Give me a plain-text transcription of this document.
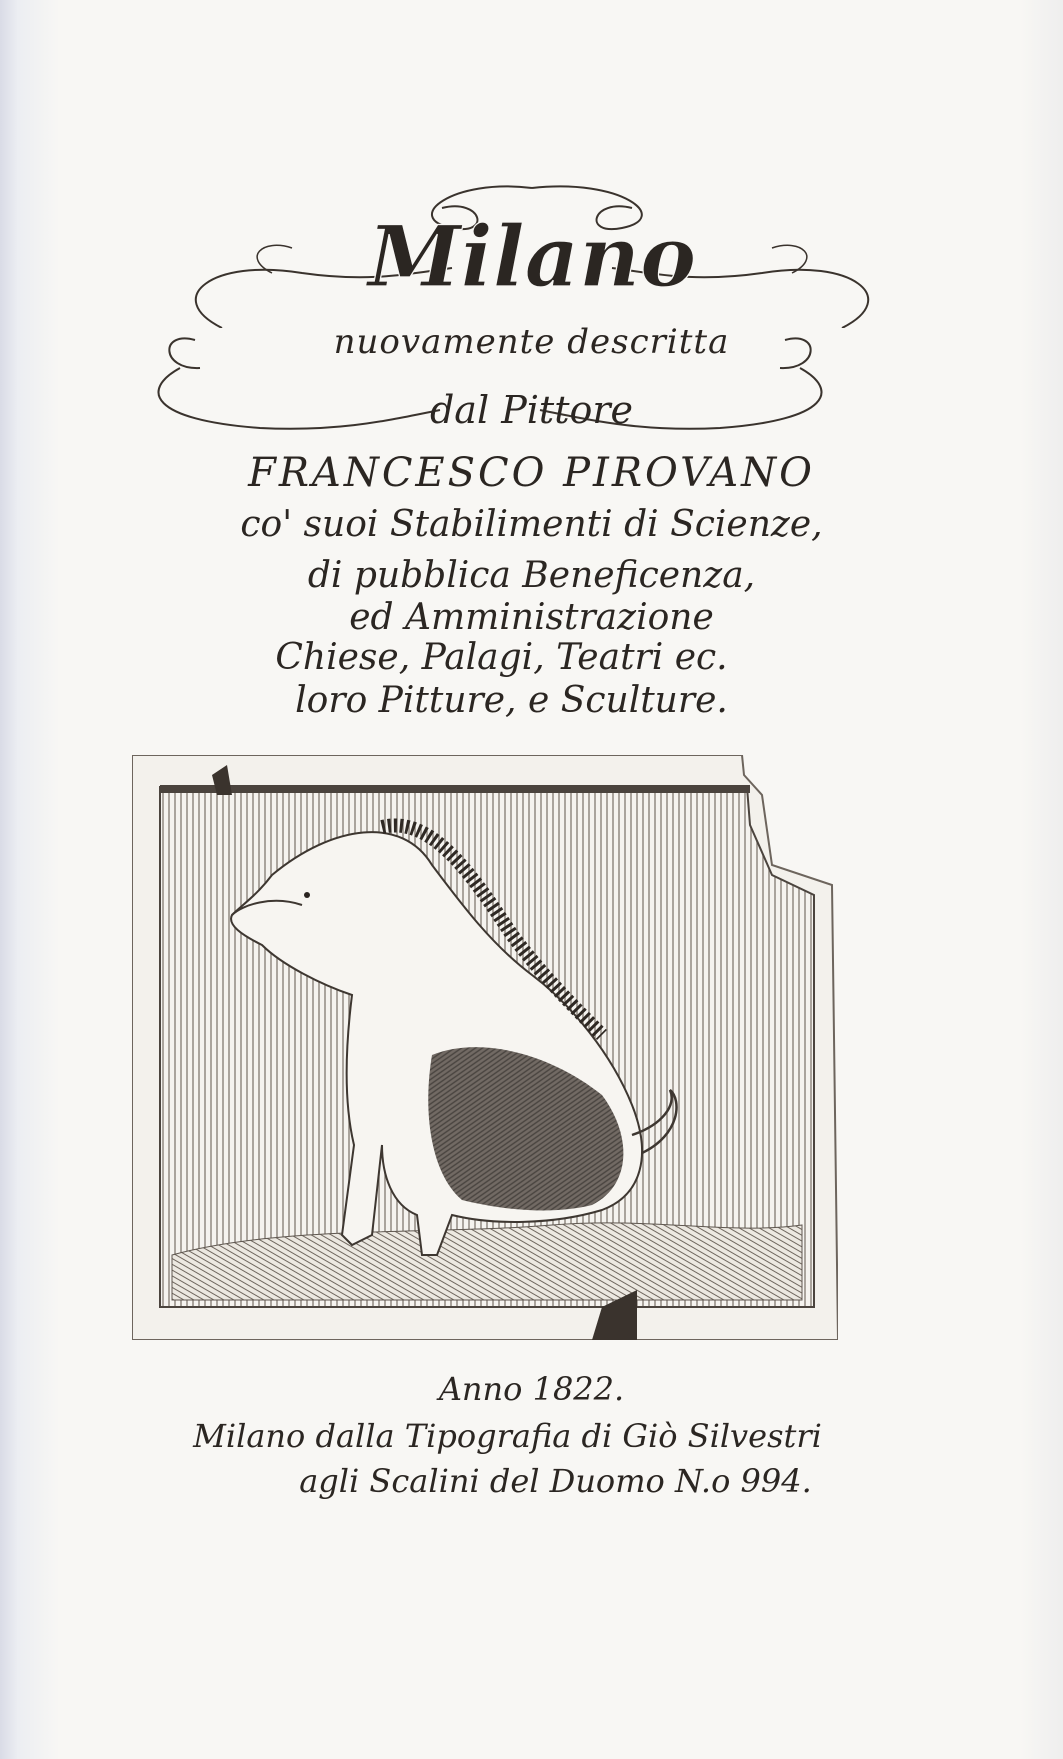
Milano
nuovamente descritta
dal Pittore
FRANCESCO PIROVANO
co' suoi Stabilimenti di Scienze,
di pubblica Beneficenza,
ed Amministrazione
Chiese, Palagi, Teatri ec.
loro Pitture, e Sculture.
Anno 1822.
Milano dalla Tipografia di Giò Silvestri
agli Scalini del Duomo N.o 994.
